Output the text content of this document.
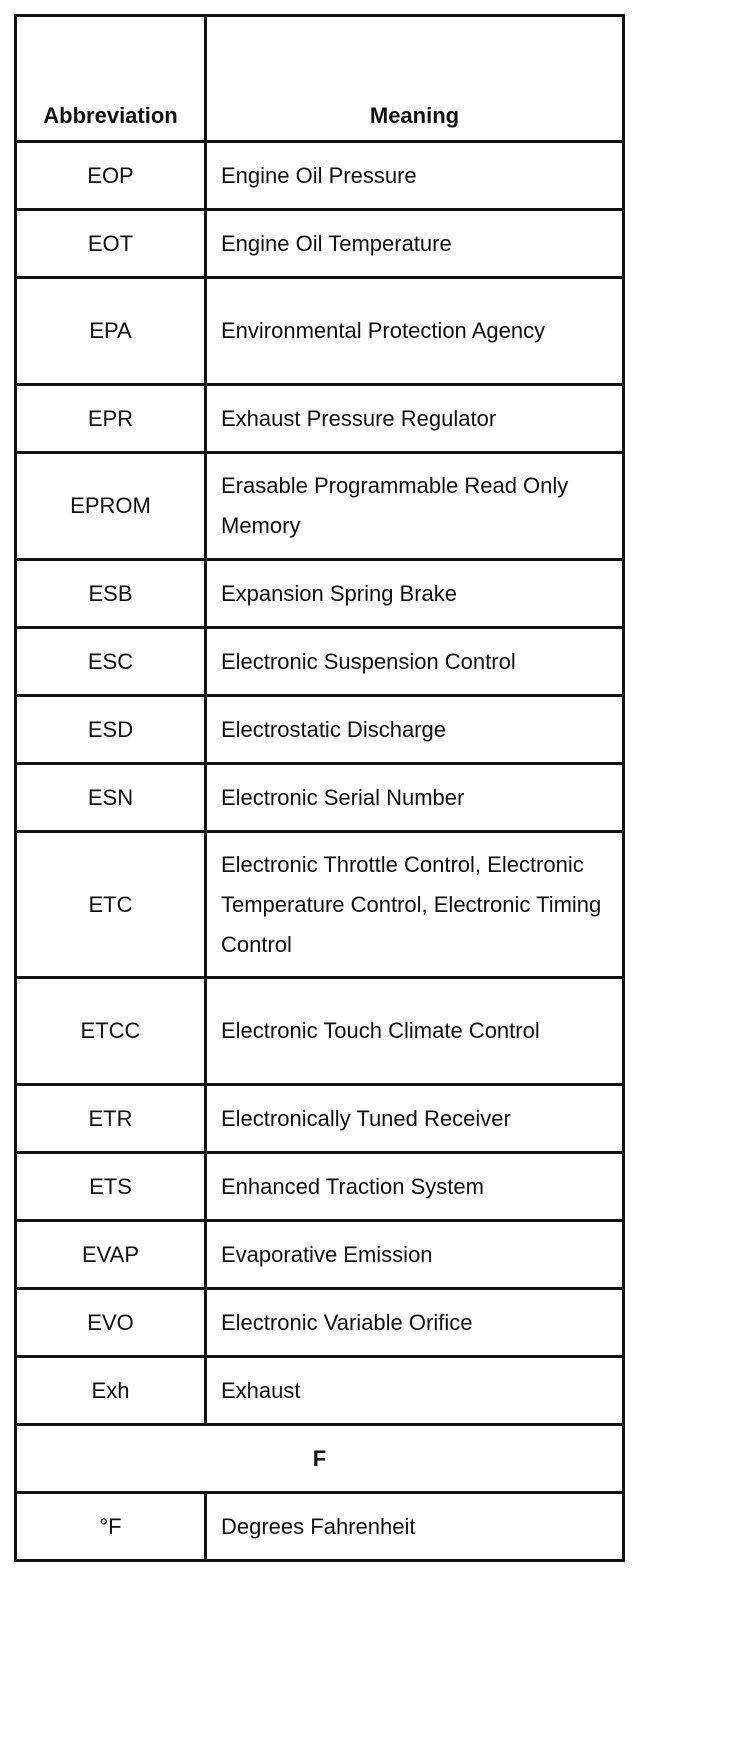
Abbreviation	Meaning
EOP	Engine Oil Pressure
EOT	Engine Oil Temperature
EPA	Environmental Protection Agency
EPR	Exhaust Pressure Regulator
EPROM	Erasable Programmable Read Only Memory
ESB	Expansion Spring Brake
ESC	Electronic Suspension Control
ESD	Electrostatic Discharge
ESN	Electronic Serial Number
ETC	Electronic Throttle Control, Electronic Temperature Control, Electronic Timing Control
ETCC	Electronic Touch Climate Control
ETR	Electronically Tuned Receiver
ETS	Enhanced Traction System
EVAP	Evaporative Emission
EVO	Electronic Variable Orifice
Exh	Exhaust
F	
°F	Degrees Fahrenheit
